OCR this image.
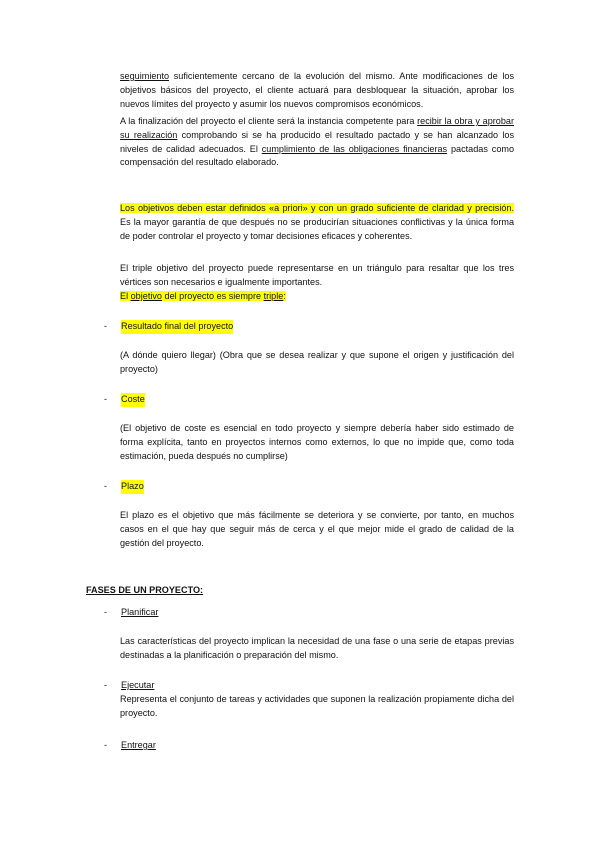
seguimiento suficientemente cercano de la evolución del mismo. Ante modificaciones de los objetivos básicos del proyecto, el cliente actuará para desbloquear la situación, aprobar los nuevos límites del proyecto y asumir los nuevos compromisos económicos.

A la finalización del proyecto el cliente será la instancia competente para recibir la obra y aprobar su realización comprobando si se ha producido el resultado pactado y se han alcanzado los niveles de calidad adecuados. El cumplimiento de las obligaciones financieras pactadas como compensación del resultado elaborado.

Los objetivos deben estar definidos «a priori» y con un grado suficiente de claridad y precisión. Es la mayor garantía de que después no se producirían situaciones conflictivas y la única forma de poder controlar el proyecto y tomar decisiones eficaces y coherentes.

El triple objetivo del proyecto puede representarse en un triángulo para resaltar que los tres vértices son necesarios e igualmente importantes.

El objetivo del proyecto es siempre triple:

- Resultado final del proyecto

(A dónde quiero llegar) (Obra que se desea realizar y que supone el origen y justificación del proyecto)

- Coste

(El objetivo de coste es esencial en todo proyecto y siempre debería haber sido estimado de forma explícita, tanto en proyectos internos como externos, lo que no impide que, como toda estimación, pueda después no cumplirse)

- Plazo

El plazo es el objetivo que más fácilmente se deteriora y se convierte, por tanto, en muchos casos en el que hay que seguir más de cerca y el que mejor mide el grado de calidad de la gestión del proyecto.

FASES DE UN PROYECTO:

- Planificar

Las características del proyecto implican la necesidad de una fase o una serie de etapas previas destinadas a la planificación o preparación del mismo.

- Ejecutar

Representa el conjunto de tareas y actividades que suponen la realización propiamente dicha del proyecto.

- Entregar
